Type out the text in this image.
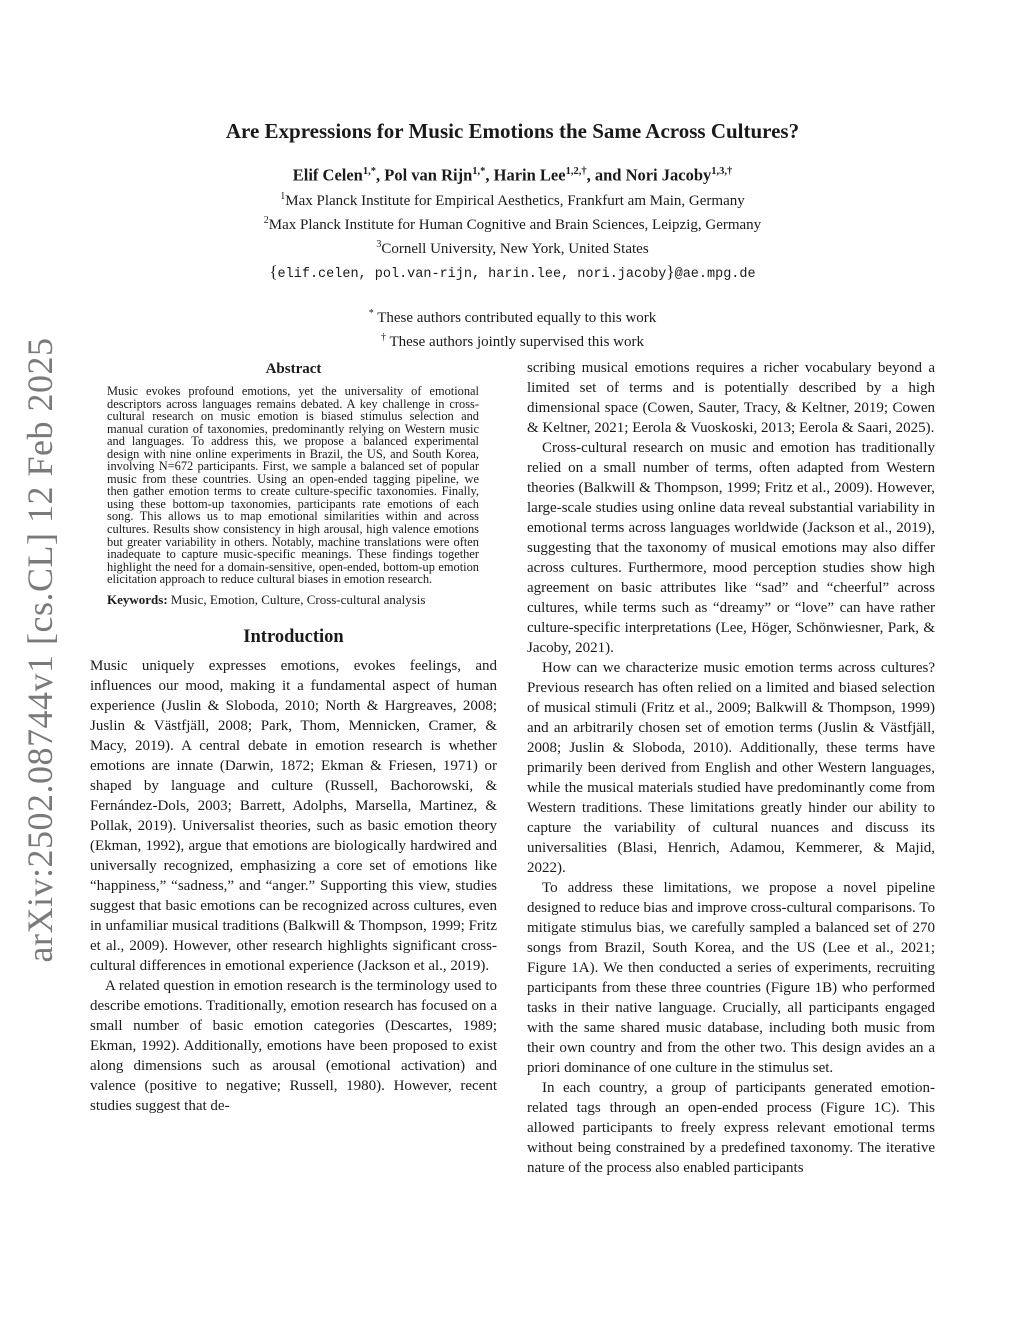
arXiv:2502.08744v1 [cs.CL] 12 Feb 2025
Are Expressions for Music Emotions the Same Across Cultures?
Elif Celen$^{1,*}$, Pol van Rijn$^{1,*}$, Harin Lee$^{1,2,\dagger}$, and Nori Jacoby$^{1,3,\dagger}$
$^1$Max Planck Institute for Empirical Aesthetics, Frankfurt am Main, Germany
$^2$Max Planck Institute for Human Cognitive and Brain Sciences, Leipzig, Germany
$^3$Cornell University, New York, United States
{elif.celen, pol.van-rijn, harin.lee, nori.jacoby}@ae.mpg.de
* These authors contributed equally to this work
† These authors jointly supervised this work
Abstract

Music evokes profound emotions, yet the universality of emotional descriptors across languages remains debated. A key challenge in cross-cultural research on music emotion is biased stimulus selection and manual curation of taxonomies, predominantly relying on Western music and languages. To address this, we propose a balanced experimental design with nine online experiments in Brazil, the US, and South Korea, involving N=672 participants. First, we sample a balanced set of popular music from these countries. Using an open-ended tagging pipeline, we then gather emotion terms to create culture-specific taxonomies. Finally, using these bottom-up taxonomies, participants rate emotions of each song. This allows us to map emotional similarities within and across cultures. Results show consistency in high arousal, high valence emotions but greater variability in others. Notably, machine translations were often inadequate to capture music-specific meanings. These findings together highlight the need for a domain-sensitive, open-ended, bottom-up emotion elicitation approach to reduce cultural biases in emotion research.

Keywords: Music, Emotion, Culture, Cross-cultural analysis
Introduction

Music uniquely expresses emotions, evokes feelings, and influences our mood, making it a fundamental aspect of human experience (Juslin & Sloboda, 2010; North & Hargreaves, 2008; Juslin & Västfjäll, 2008; Park, Thom, Mennicken, Cramer, & Macy, 2019). A central debate in emotion research is whether emotions are innate (Darwin, 1872; Ekman & Friesen, 1971) or shaped by language and culture (Russell, Bachorowski, & Fernández-Dols, 2003; Barrett, Adolphs, Marsella, Martinez, & Pollak, 2019). Universalist theories, such as basic emotion theory (Ekman, 1992), argue that emotions are biologically hardwired and universally recognized, emphasizing a core set of emotions like “happiness,” “sadness,” and “anger.” Supporting this view, studies suggest that basic emotions can be recognized across cultures, even in unfamiliar musical traditions (Balkwill & Thompson, 1999; Fritz et al., 2009). However, other research highlights significant cross-cultural differences in emotional experience (Jackson et al., 2019).

A related question in emotion research is the terminology used to describe emotions. Traditionally, emotion research has focused on a small number of basic emotion categories (Descartes, 1989; Ekman, 1992). Additionally, emotions have been proposed to exist along dimensions such as arousal (emotional activation) and valence (positive to negative; Russell, 1980). However, recent studies suggest that de-

scribing musical emotions requires a richer vocabulary beyond a limited set of terms and is potentially described by a high dimensional space (Cowen, Sauter, Tracy, & Keltner, 2019; Cowen & Keltner, 2021; Eerola & Vuoskoski, 2013; Eerola & Saari, 2025).

Cross-cultural research on music and emotion has traditionally relied on a small number of terms, often adapted from Western theories (Balkwill & Thompson, 1999; Fritz et al., 2009). However, large-scale studies using online data reveal substantial variability in emotional terms across languages worldwide (Jackson et al., 2019), suggesting that the taxonomy of musical emotions may also differ across cultures. Furthermore, mood perception studies show high agreement on basic attributes like “sad” and “cheerful” across cultures, while terms such as “dreamy” or “love” can have rather culture-specific interpretations (Lee, Höger, Schönwiesner, Park, & Jacoby, 2021).

How can we characterize music emotion terms across cultures? Previous research has often relied on a limited and biased selection of musical stimuli (Fritz et al., 2009; Balkwill & Thompson, 1999) and an arbitrarily chosen set of emotion terms (Juslin & Västfjäll, 2008; Juslin & Sloboda, 2010). Additionally, these terms have primarily been derived from English and other Western languages, while the musical materials studied have predominantly come from Western traditions. These limitations greatly hinder our ability to capture the variability of cultural nuances and discuss its universalities (Blasi, Henrich, Adamou, Kemmerer, & Majid, 2022).

To address these limitations, we propose a novel pipeline designed to reduce bias and improve cross-cultural comparisons. To mitigate stimulus bias, we carefully sampled a balanced set of 270 songs from Brazil, South Korea, and the US (Lee et al., 2021; Figure 1A). We then conducted a series of experiments, recruiting participants from these three countries (Figure 1B) who performed tasks in their native language. Crucially, all participants engaged with the same shared music database, including both music from their own country and from the other two. This design avides an a priori dominance of one culture in the stimulus set.

In each country, a group of participants generated emotion-related tags through an open-ended process (Figure 1C). This allowed participants to freely express relevant emotional terms without being constrained by a predefined taxonomy. The iterative nature of the process also enabled participants
